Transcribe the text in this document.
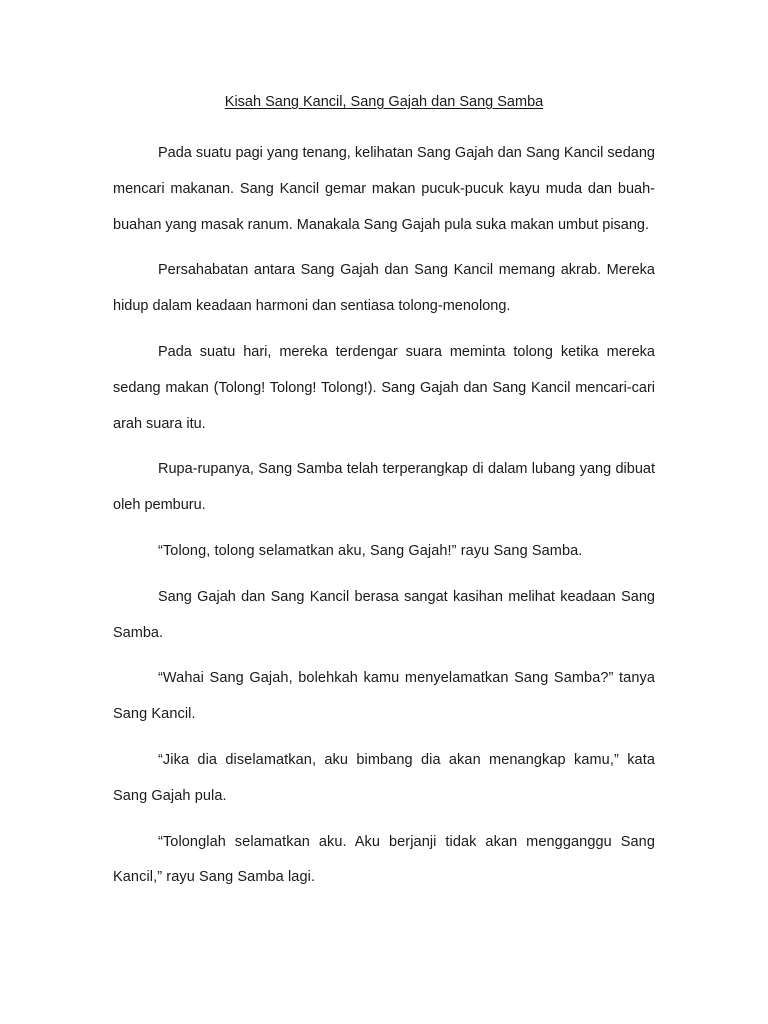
Kisah Sang Kancil, Sang Gajah dan Sang Samba

Pada suatu pagi yang tenang, kelihatan Sang Gajah dan Sang Kancil sedang mencari makanan. Sang Kancil gemar makan pucuk-pucuk kayu muda dan buah-buahan yang masak ranum. Manakala Sang Gajah pula suka makan umbut pisang.

Persahabatan antara Sang Gajah dan Sang Kancil memang akrab. Mereka hidup dalam keadaan harmoni dan sentiasa tolong-menolong.

Pada suatu hari, mereka terdengar suara meminta tolong ketika mereka sedang makan (Tolong! Tolong! Tolong!). Sang Gajah dan Sang Kancil mencari-cari arah suara itu.

Rupa-rupanya, Sang Samba telah terperangkap di dalam lubang yang dibuat oleh pemburu.

“Tolong, tolong selamatkan aku, Sang Gajah!” rayu Sang Samba.

Sang Gajah dan Sang Kancil berasa sangat kasihan melihat keadaan Sang Samba.

“Wahai Sang Gajah, bolehkah kamu menyelamatkan Sang Samba?” tanya Sang Kancil.

“Jika dia diselamatkan, aku bimbang dia akan menangkap kamu,” kata Sang Gajah pula.

“Tolonglah selamatkan aku. Aku berjanji tidak akan mengganggu Sang Kancil,” rayu Sang Samba lagi.
